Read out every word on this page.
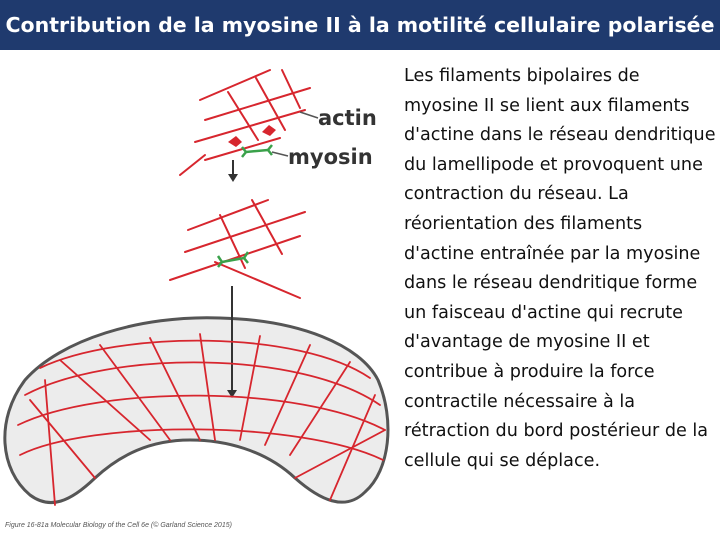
Contribution de la myosine II à la motilité cellulaire polarisée
actin
myosin
Figure 16-81a Molecular Biology of the Cell 6e (© Garland Science 2015)

Les filaments bipolaires de myosine II se lient aux filaments d'actine dans le réseau dendritique du lamellipode et provoquent une contraction du réseau. La réorientation des filaments d'actine entraînée par la myosine dans le réseau dendritique forme un faisceau d'actine qui recrute d'avantage de myosine II et contribue à produire la force contractile nécessaire à la rétraction du bord postérieur de la cellule qui se déplace.
